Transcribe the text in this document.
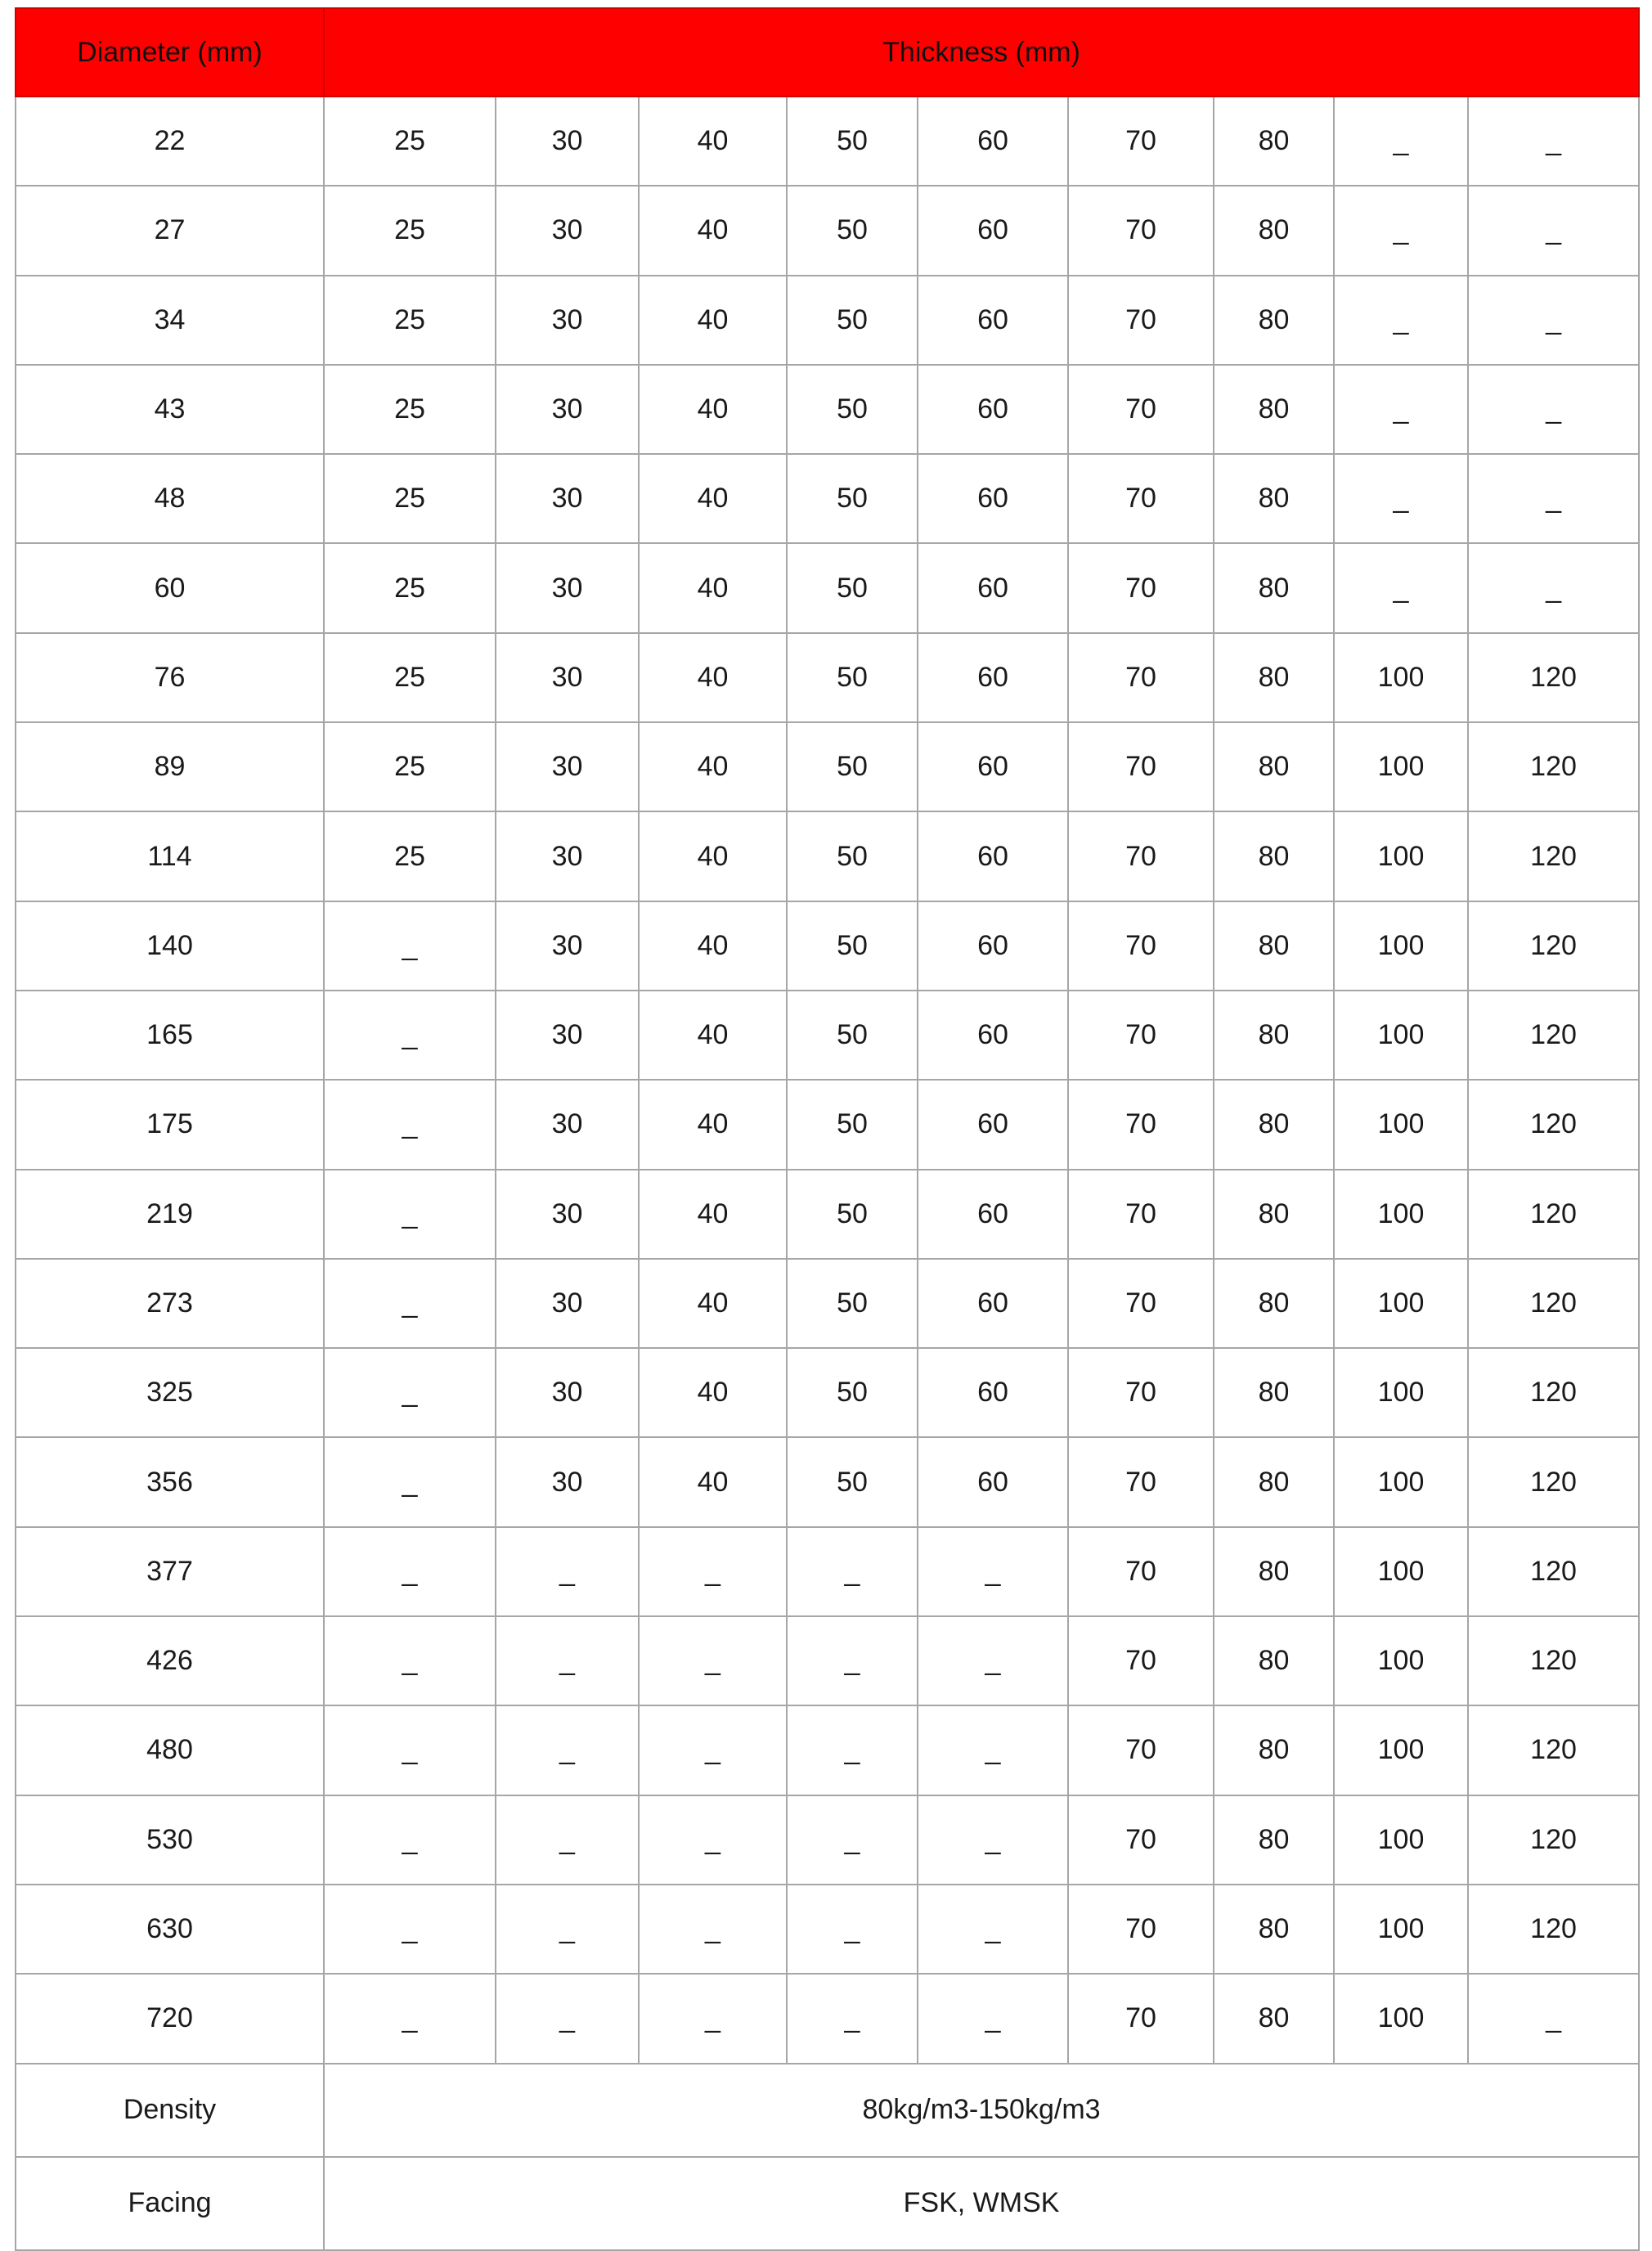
Diameter (mm)	Thickness (mm)								
22	25	30	40	50	60	70	80	_	_
27	25	30	40	50	60	70	80	_	_
34	25	30	40	50	60	70	80	_	_
43	25	30	40	50	60	70	80	_	_
48	25	30	40	50	60	70	80	_	_
60	25	30	40	50	60	70	80	_	_
76	25	30	40	50	60	70	80	100	120
89	25	30	40	50	60	70	80	100	120
114	25	30	40	50	60	70	80	100	120
140	_	30	40	50	60	70	80	100	120
165	_	30	40	50	60	70	80	100	120
175	_	30	40	50	60	70	80	100	120
219	_	30	40	50	60	70	80	100	120
273	_	30	40	50	60	70	80	100	120
325	_	30	40	50	60	70	80	100	120
356	_	30	40	50	60	70	80	100	120
377	_	_	_	_	_	70	80	100	120
426	_	_	_	_	_	70	80	100	120
480	_	_	_	_	_	70	80	100	120
530	_	_	_	_	_	70	80	100	120
630	_	_	_	_	_	70	80	100	120
720	_	_	_	_	_	70	80	100	_
Density	80kg/m3-150kg/m3								
Facing	FSK, WMSK								
